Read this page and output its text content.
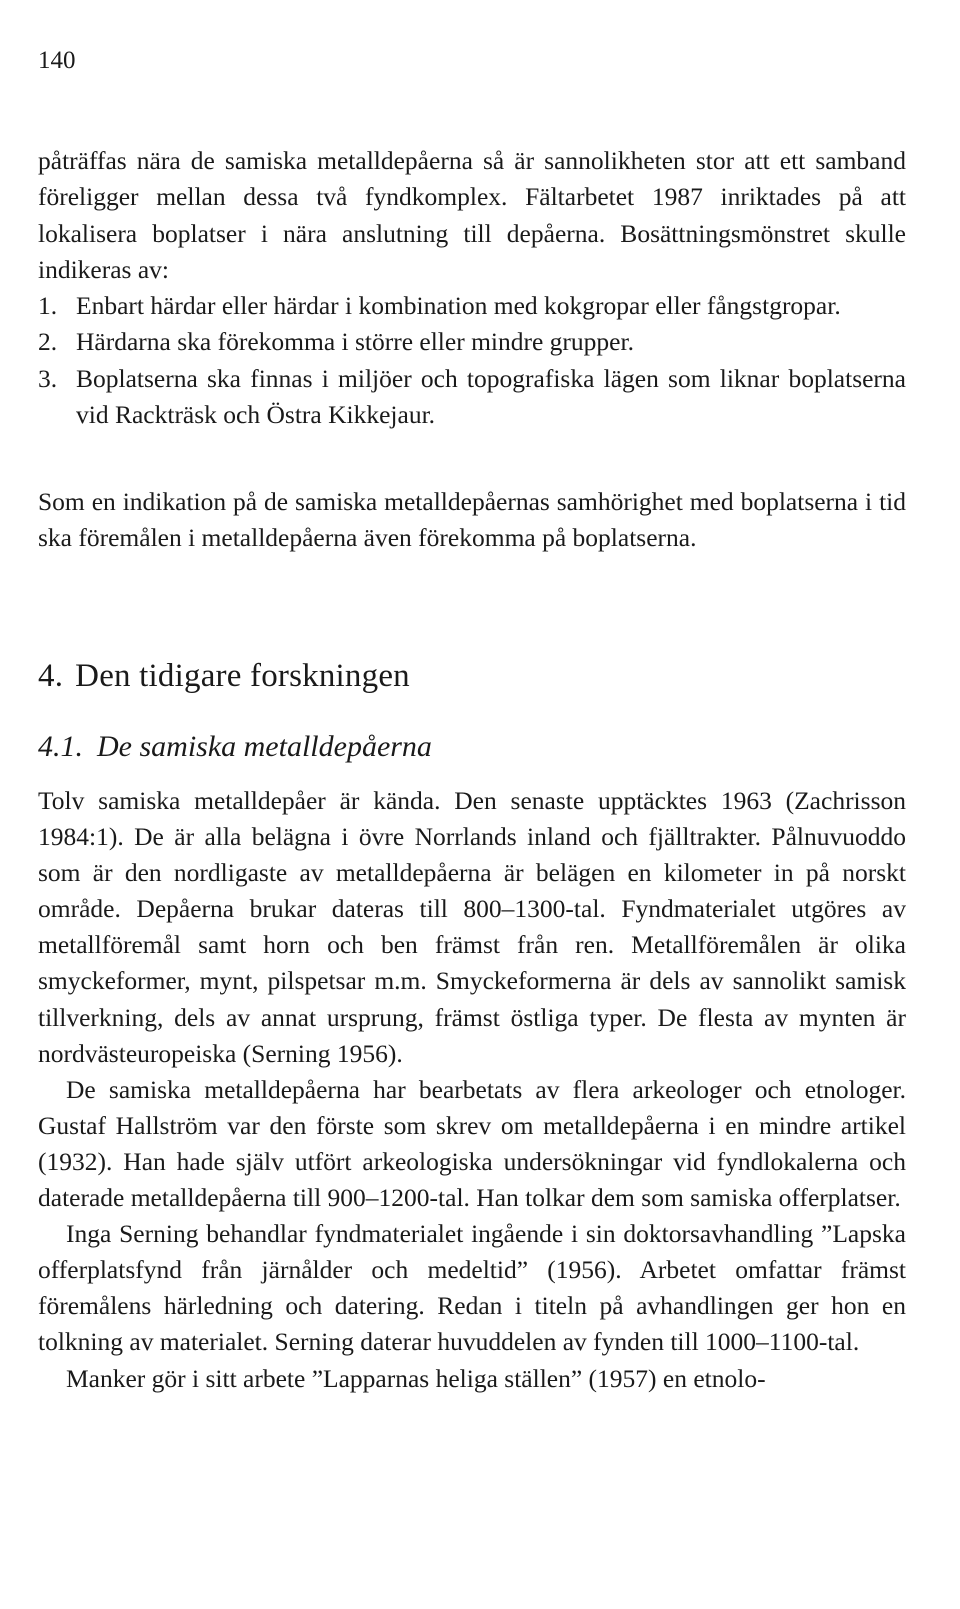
140

påträffas nära de samiska metalldepåerna så är sannolikheten stor att ett samband föreligger mellan dessa två fyndkomplex. Fältarbetet 1987 inriktades på att lokalisera boplatser i nära anslutning till depåerna. Bosättningsmönstret skulle indikeras av:

1. Enbart härdar eller härdar i kombination med kokgropar eller fångstgropar.
2. Härdarna ska förekomma i större eller mindre grupper.
3. Boplatserna ska finnas i miljöer och topografiska lägen som liknar boplatserna vid Rackträsk och Östra Kikkejaur.

Som en indikation på de samiska metalldepåernas samhörighet med boplatserna i tid ska föremålen i metalldepåerna även förekomma på boplatserna.

4. Den tidigare forskningen
4.1. De samiska metalldepåerna

Tolv samiska metalldepåer är kända. Den senaste upptäcktes 1963 (Zachrisson 1984:1). De är alla belägna i övre Norrlands inland och fjälltrakter. Pålnuvuoddo som är den nordligaste av metalldepåerna är belägen en kilometer in på norskt område. Depåerna brukar dateras till 800–1300-tal. Fyndmaterialet utgöres av metallföremål samt horn och ben främst från ren. Metallföremålen är olika smyckeformer, mynt, pilspetsar m.m. Smyckeformerna är dels av sannolikt samisk tillverkning, dels av annat ursprung, främst östliga typer. De flesta av mynten är nordvästeuropeiska (Serning 1956).

De samiska metalldepåerna har bearbetats av flera arkeologer och etnologer. Gustaf Hallström var den förste som skrev om metalldepåerna i en mindre artikel (1932). Han hade själv utfört arkeologiska undersökningar vid fyndlokalerna och daterade metalldepåerna till 900–1200-tal. Han tolkar dem som samiska offerplatser.

Inga Serning behandlar fyndmaterialet ingående i sin doktorsavhandling ”Lapska offerplatsfynd från järnålder och medeltid” (1956). Arbetet omfattar främst föremålens härledning och datering. Redan i titeln på avhandlingen ger hon en tolkning av materialet. Serning daterar huvuddelen av fynden till 1000–1100-tal.

Manker gör i sitt arbete ”Lapparnas heliga ställen” (1957) en etnolo-
